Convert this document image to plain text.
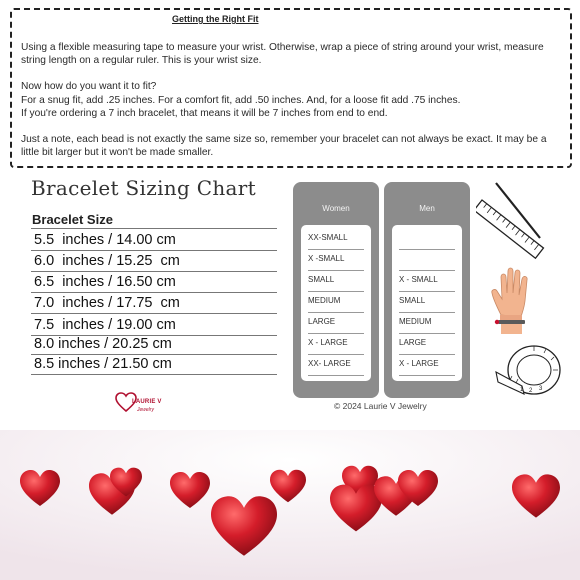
Getting the Right Fit

Using a flexible measuring tape to measure your wrist. Otherwise, wrap a piece of string around your wrist, measure string length on a regular ruler. This is your wrist size.

Now how do you want it to fit?

For a snug fit, add .25 inches. For a comfort fit, add .50 inches. And, for a loose fit add .75 inches.

If you're ordering a 7 inch bracelet, that means it will be 7 inches from end to end.

Just a note, each bead is not exactly the same size so, remember your bracelet can not always be exact. It may be a little bit larger but it won't be made smaller.

Bracelet Sizing Chart
Bracelet Size
5.5  inches / 14.00 cm
6.0  inches / 15.25  cm
6.5  inches / 16.50 cm
7.0  inches / 17.75  cm
7.5  inches / 19.00 cm
8.0 inches / 20.25 cm
8.5 inches / 21.50 cm
Women
XX-SMALL
X -SMALL
SMALL
MEDIUM
LARGE
X - LARGE
XX- LARGE
Men
X - SMALL
SMALL
MEDIUM
LARGE
X - LARGE
© 2024 Laurie V Jewelry
LAURIE V
Jewelry
1 2 3
